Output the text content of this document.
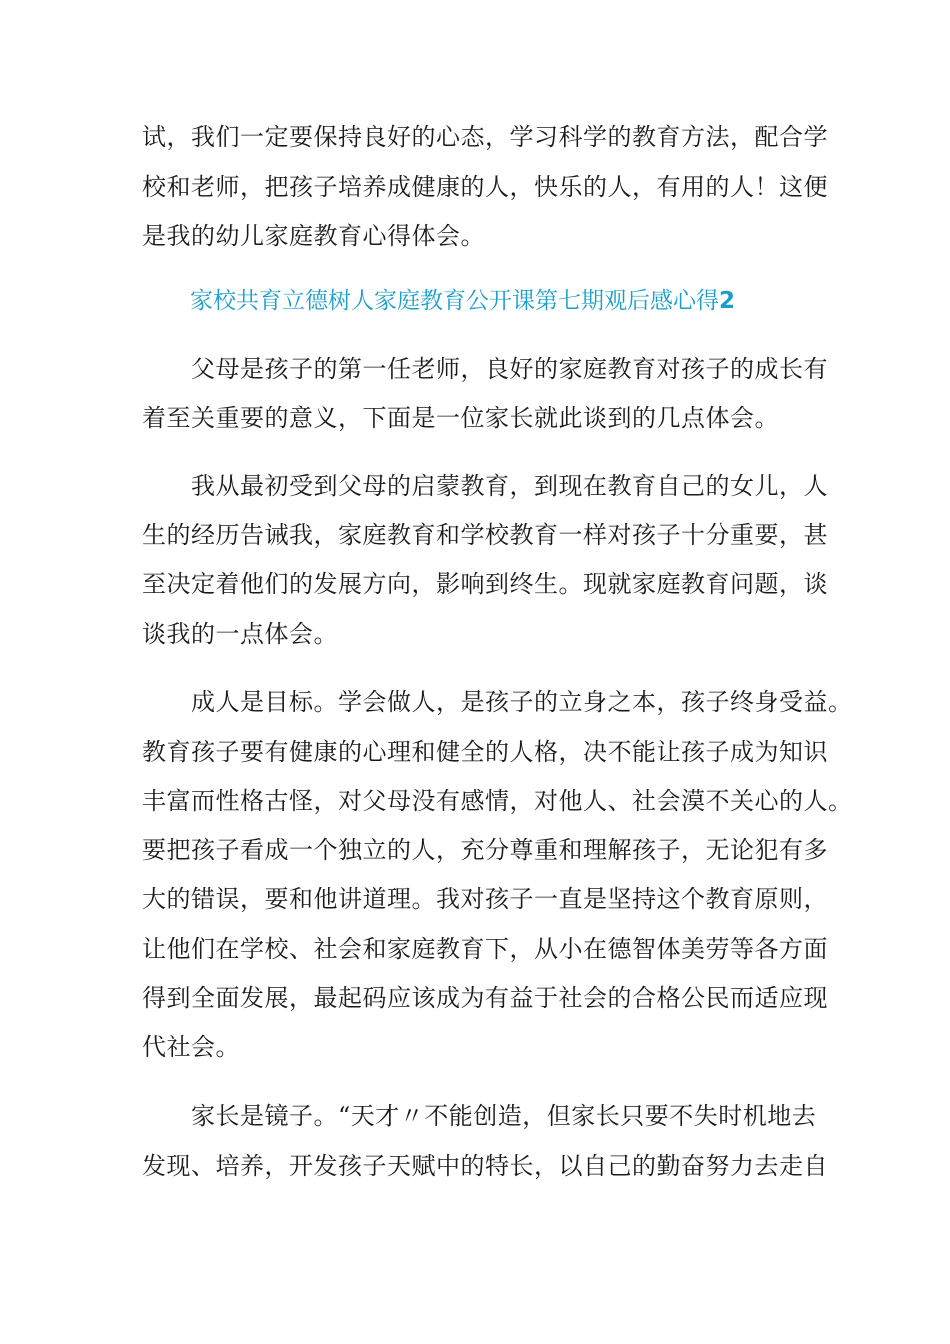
试，我们一定要保持良好的心态，学习科学的教育方法，配合学
校和老师，把孩子培养成健康的人，快乐的人，有用的人！这便
是我的幼儿家庭教育心得体会。
家校共育立德树人家庭教育公开课第七期观后感心得2
父母是孩子的第一任老师，良好的家庭教育对孩子的成长有
着至关重要的意义，下面是一位家长就此谈到的几点体会。
我从最初受到父母的启蒙教育，到现在教育自己的女儿，人
生的经历告诫我，家庭教育和学校教育一样对孩子十分重要，甚
至决定着他们的发展方向，影响到终生。现就家庭教育问题，谈
谈我的一点体会。
成人是目标。学会做人，是孩子的立身之本，孩子终身受益。
教育孩子要有健康的心理和健全的人格，决不能让孩子成为知识
丰富而性格古怪，对父母没有感情，对他人、社会漠不关心的人。
要把孩子看成一个独立的人，充分尊重和理解孩子，无论犯有多
大的错误，要和他讲道理。我对孩子一直是坚持这个教育原则，
让他们在学校、社会和家庭教育下，从小在德智体美劳等各方面
得到全面发展，最起码应该成为有益于社会的合格公民而适应现
代社会。
家长是镜子。“天才〃不能创造，但家长只要不失时机地去
发现、培养，开发孩子天赋中的特长，以自己的勤奋努力去走自
